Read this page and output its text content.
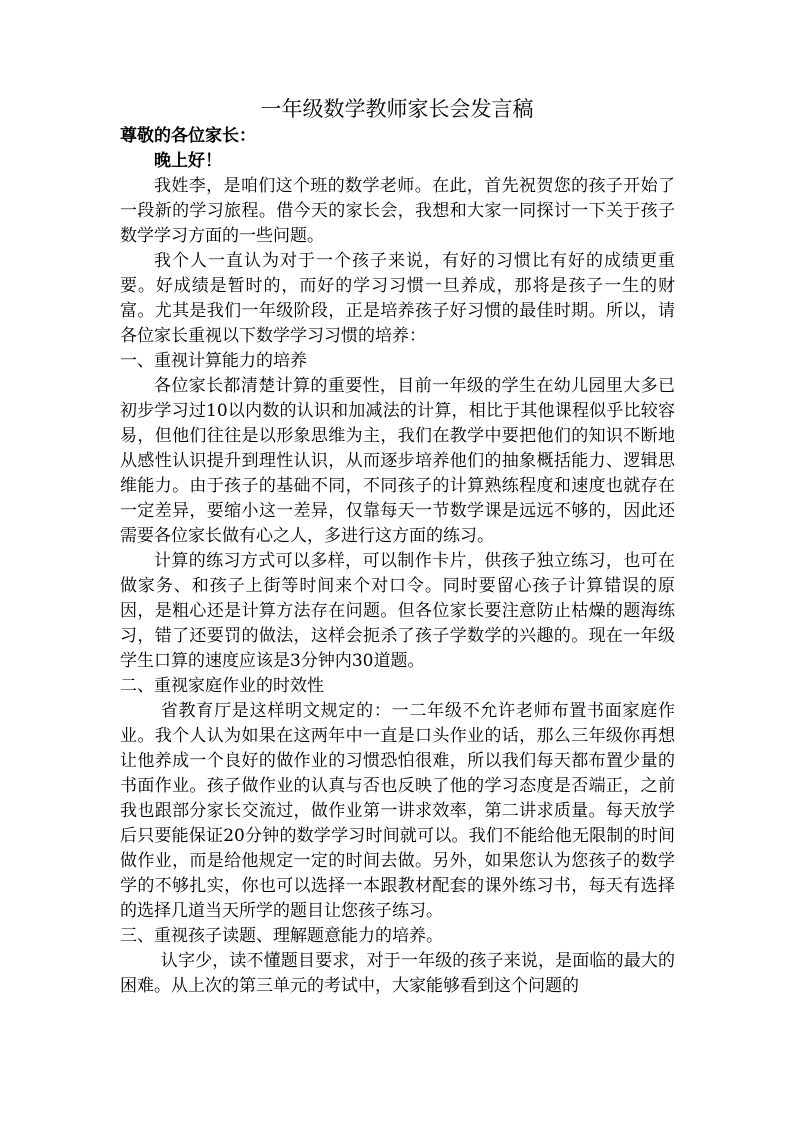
一年级数学教师家长会发言稿

尊敬的各位家长：

晚上好！

我姓李，是咱们这个班的数学老师。在此，首先祝贺您的孩子开始了一段新的学习旅程。借今天的家长会，我想和大家一同探讨一下关于孩子数学学习方面的一些问题。

我个人一直认为对于一个孩子来说，有好的习惯比有好的成绩更重要。好成绩是暂时的，而好的学习习惯一旦养成，那将是孩子一生的财富。尤其是我们一年级阶段，正是培养孩子好习惯的最佳时期。所以，请各位家长重视以下数学学习习惯的培养：

一、重视计算能力的培养

各位家长都清楚计算的重要性，目前一年级的学生在幼儿园里大多已初步学习过10以内数的认识和加减法的计算，相比于其他课程似乎比较容易，但他们往往是以形象思维为主，我们在教学中要把他们的知识不断地从感性认识提升到理性认识，从而逐步培养他们的抽象概括能力、逻辑思维能力。由于孩子的基础不同，不同孩子的计算熟练程度和速度也就存在一定差异，要缩小这一差异，仅靠每天一节数学课是远远不够的，因此还需要各位家长做有心之人，多进行这方面的练习。

计算的练习方式可以多样，可以制作卡片，供孩子独立练习，也可在做家务、和孩子上街等时间来个对口令。同时要留心孩子计算错误的原因，是粗心还是计算方法存在问题。但各位家长要注意防止枯燥的题海练习，错了还要罚的做法，这样会扼杀了孩子学数学的兴趣的。现在一年级学生口算的速度应该是3分钟内30道题。

二、重视家庭作业的时效性

省教育厅是这样明文规定的：一二年级不允许老师布置书面家庭作业。我个人认为如果在这两年中一直是口头作业的话，那么三年级你再想让他养成一个良好的做作业的习惯恐怕很难，所以我们每天都布置少量的书面作业。孩子做作业的认真与否也反映了他的学习态度是否端正，之前我也跟部分家长交流过，做作业第一讲求效率，第二讲求质量。每天放学后只要能保证20分钟的数学学习时间就可以。我们不能给他无限制的时间做作业，而是给他规定一定的时间去做。另外，如果您认为您孩子的数学学的不够扎实，你也可以选择一本跟教材配套的课外练习书，每天有选择的选择几道当天所学的题目让您孩子练习。

三、重视孩子读题、理解题意能力的培养。

认字少，读不懂题目要求，对于一年级的孩子来说，是面临的最大的困难。从上次的第三单元的考试中，大家能够看到这个问题的
